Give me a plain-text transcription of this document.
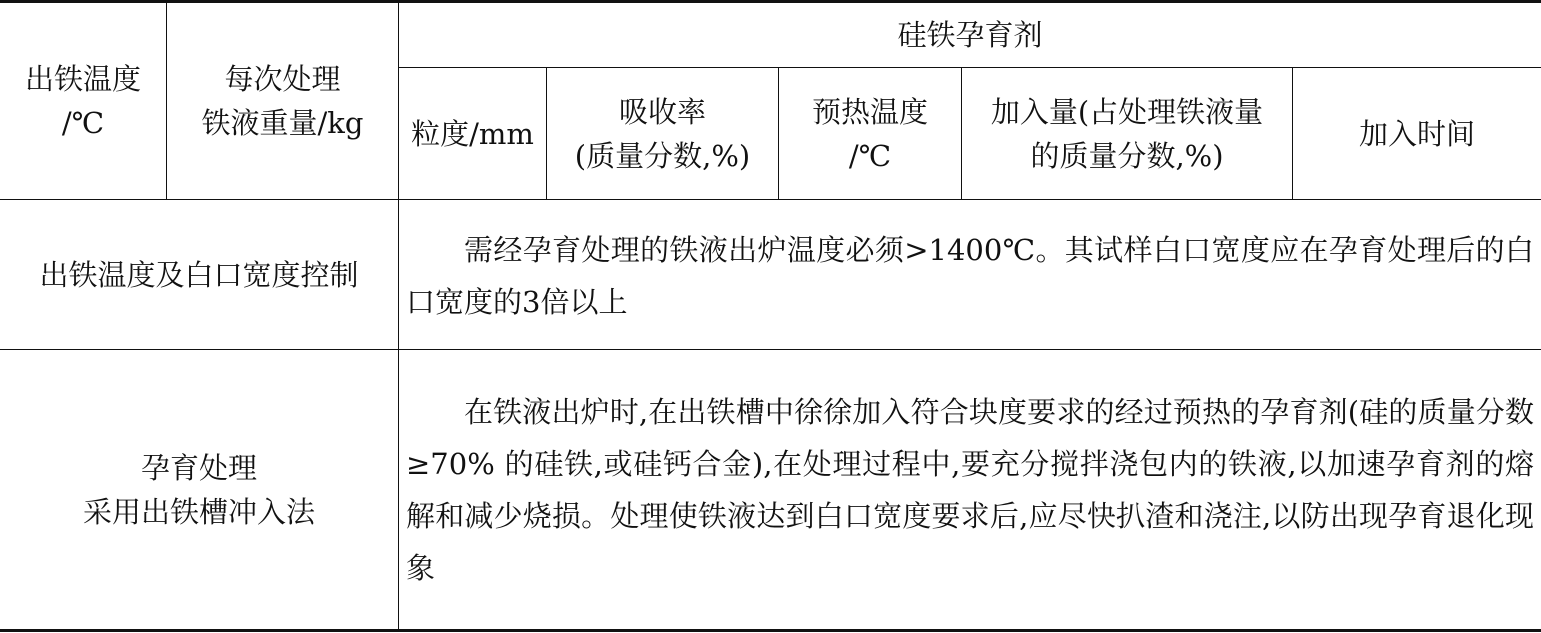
出铁温度
/℃
每次处理
铁液重量/kg
硅铁孕育剂
粒度/mm
吸收率
(质量分数,%)
预热温度
/℃
加入量(占处理铁液量
的质量分数,%)
加入时间
出铁温度及白口宽度控制

需经孕育处理的铁液出炉温度必须>1400℃。其试样白口宽度应在孕育处理后的白口宽度的3倍以上

孕育处理
采用出铁槽冲入法

在铁液出炉时,在出铁槽中徐徐加入符合块度要求的经过预热的孕育剂(硅的质量分数≥70% 的硅铁,或硅钙合金),在处理过程中,要充分搅拌浇包内的铁液,以加速孕育剂的熔解和减少烧损。处理使铁液达到白口宽度要求后,应尽快扒渣和浇注,以防出现孕育退化现象
